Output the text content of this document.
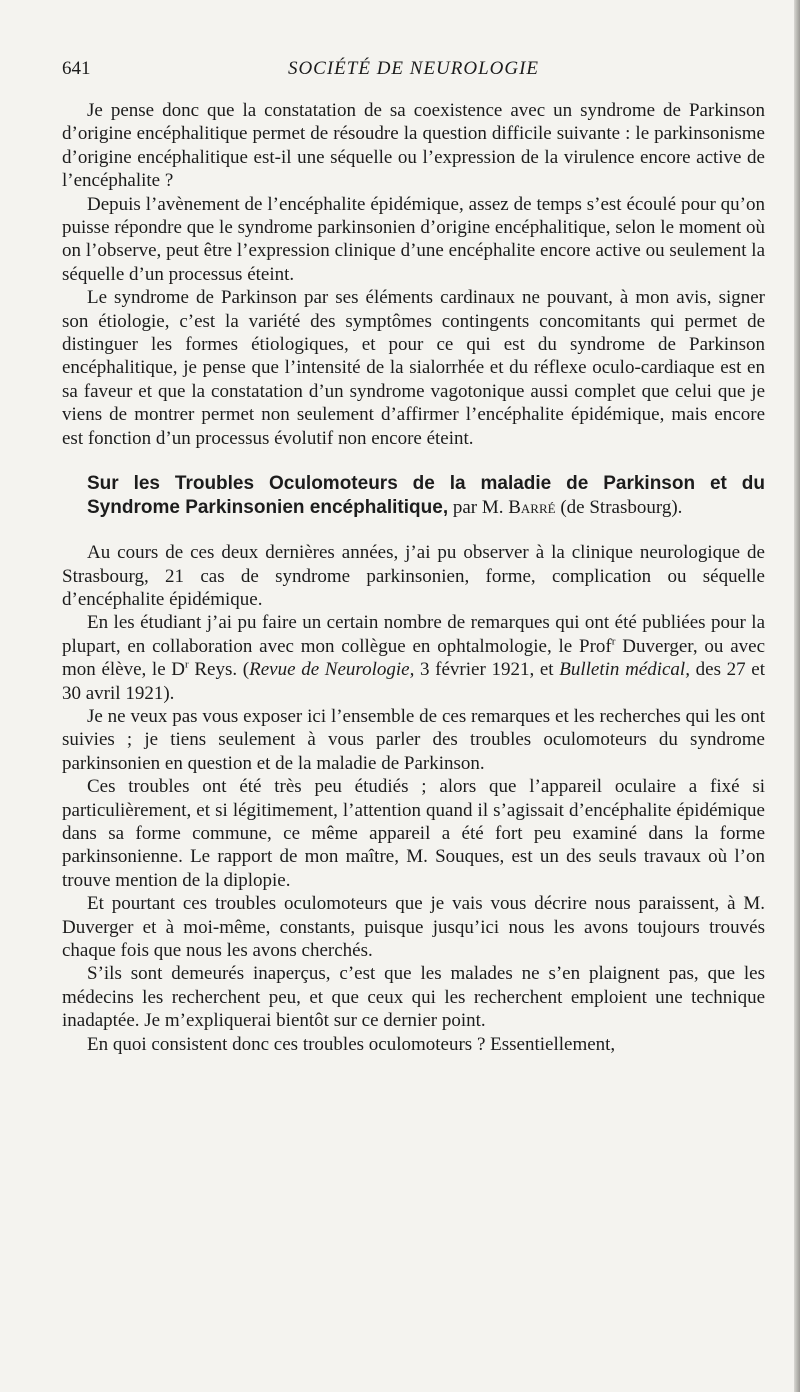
641	SOCIÉTÉ DE NEUROLOGIE

Je pense donc que la constatation de sa coexistence avec un syndrome de Parkinson d’origine encéphalitique permet de résoudre la question difficile suivante : le parkinsonisme d’origine encéphalitique est-il une séquelle ou l’expression de la virulence encore active de l’encéphalite ?

Depuis l’avènement de l’encéphalite épidémique, assez de temps s’est écoulé pour qu’on puisse répondre que le syndrome parkinsonien d’origine encéphalitique, selon le moment où on l’observe, peut être l’expression clinique d’une encéphalite encore active ou seulement la séquelle d’un processus éteint.

Le syndrome de Parkinson par ses éléments cardinaux ne pouvant, à mon avis, signer son étiologie, c’est la variété des symptômes contingents concomitants qui permet de distinguer les formes étiologiques, et pour ce qui est du syndrome de Parkinson encéphalitique, je pense que l’intensité de la sialorrhée et du réflexe oculo-cardiaque est en sa faveur et que la constatation d’un syndrome vagotonique aussi complet que celui que je viens de montrer permet non seulement d’affirmer l’encéphalite épidémique, mais encore est fonction d’un processus évolutif non encore éteint.

Sur les Troubles Oculomoteurs de la maladie de Parkinson et du Syndrome Parkinsonien encéphalitique, par M. Barré (de Strasbourg).

Au cours de ces deux dernières années, j’ai pu observer à la clinique neurologique de Strasbourg, 21 cas de syndrome parkinsonien, forme, complication ou séquelle d’encéphalite épidémique.

En les étudiant j’ai pu faire un certain nombre de remarques qui ont été publiées pour la plupart, en collaboration avec mon collègue en ophtalmologie, le Prof$^r$ Duverger, ou avec mon élève, le $D^r$ Reys. (Revue de Neurologie, 3 février 1921, et Bulletin médical, des 27 et 30 avril 1921).

Je ne veux pas vous exposer ici l’ensemble de ces remarques et les recherches qui les ont suivies ; je tiens seulement à vous parler des troubles oculomoteurs du syndrome parkinsonien en question et de la maladie de Parkinson.

Ces troubles ont été très peu étudiés ; alors que l’appareil oculaire a fixé si particulièrement, et si légitimement, l’attention quand il s’agissait d’encéphalite épidémique dans sa forme commune, ce même appareil a été fort peu examiné dans la forme parkinsonienne. Le rapport de mon maître, M. Souques, est un des seuls travaux où l’on trouve mention de la diplopie.

Et pourtant ces troubles oculomoteurs que je vais vous décrire nous paraissent, à M. Duverger et à moi-même, constants, puisque jusqu’ici nous les avons toujours trouvés chaque fois que nous les avons cherchés.

S’ils sont demeurés inaperçus, c’est que les malades ne s’en plaignent pas, que les médecins les recherchent peu, et que ceux qui les recherchent emploient une technique inadaptée. Je m’expliquerai bientôt sur ce dernier point.

En quoi consistent donc ces troubles oculomoteurs ? Essentiellement,
